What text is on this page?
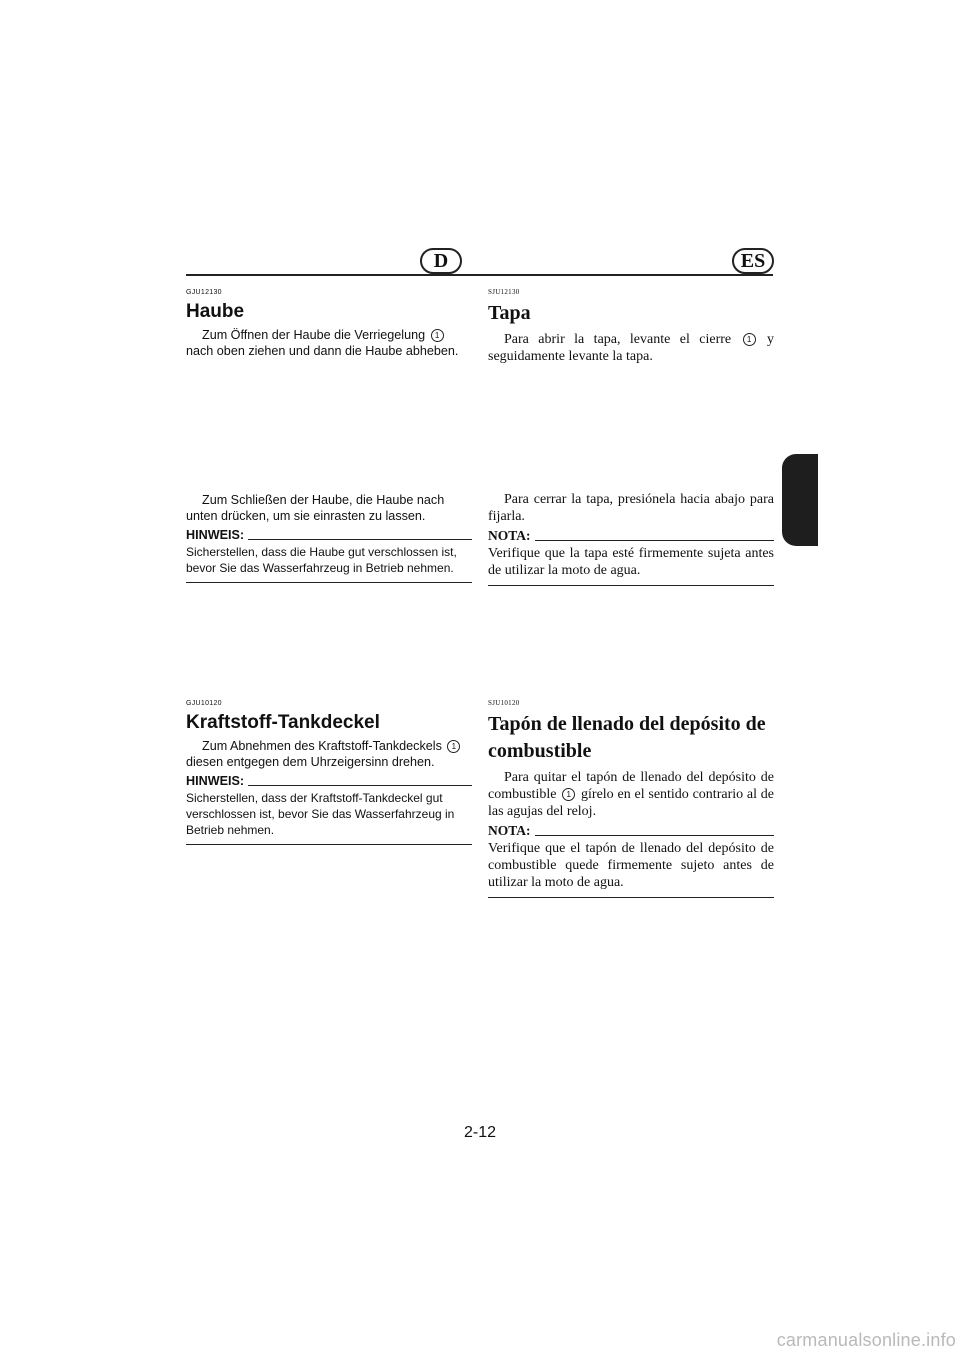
D	ES

GJU12130

Haube

Zum Öffnen der Haube die Verriegelung 1 nach oben ziehen und dann die Haube abheben.

Zum Schließen der Haube, die Haube nach unten drücken, um sie einrasten zu lassen.

HINWEIS:

Sicherstellen, dass die Haube gut verschlossen ist, bevor Sie das Wasserfahrzeug in Betrieb nehmen.

SJU12130

Tapa

Para abrir la tapa, levante el cierre 1 y seguidamente levante la tapa.

Para cerrar la tapa, presiónela hacia abajo para fijarla.

NOTA:

Verifique que la tapa esté firmemente sujeta antes de utilizar la moto de agua.

GJU10120

Kraftstoff-Tankdeckel

Zum Abnehmen des Kraftstoff-Tankdeckels 1 diesen entgegen dem Uhrzeigersinn drehen.

HINWEIS:

Sicherstellen, dass der Kraftstoff-Tankdeckel gut verschlossen ist, bevor Sie das Wasserfahrzeug in Betrieb nehmen.

SJU10120

Tapón de llenado del depósito de combustible

Para quitar el tapón de llenado del depósito de combustible 1 gírelo en el sentido contrario al de las agujas del reloj.

NOTA:

Verifique que el tapón de llenado del depósito de combustible quede firmemente sujeto antes de utilizar la moto de agua.

2-12
carmanualsonline.info
